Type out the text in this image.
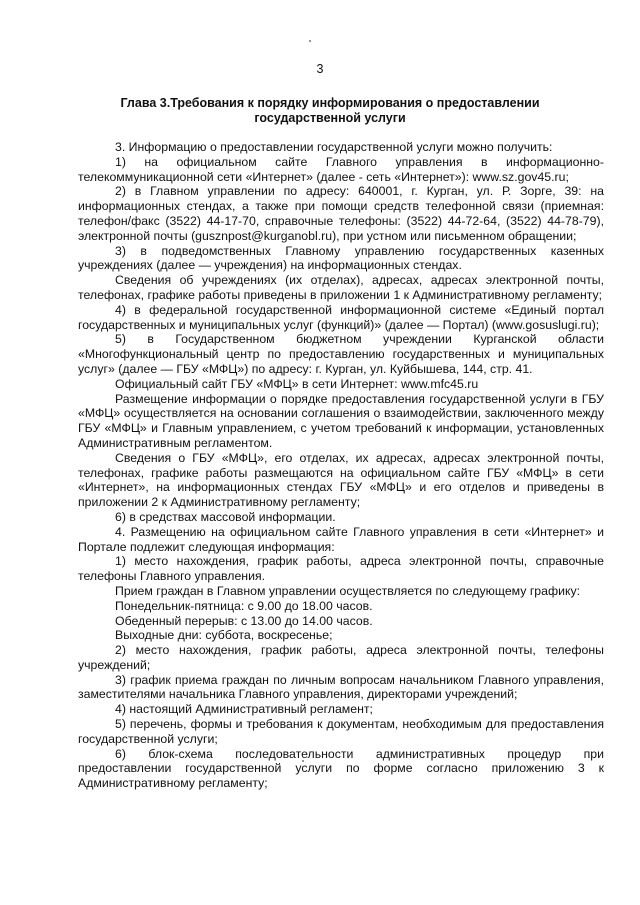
3
Глава 3.Требования к порядку информирования о предоставлении государственной услуги

3. Информацию о предоставлении государственной услуги можно получить:

1) на официальном сайте Главного управления в информационно-телекоммуникационной сети «Интернет» (далее - сеть «Интернет»): www.sz.gov45.ru;

2) в Главном управлении по адресу: 640001, г. Курган, ул. Р. Зорге, 39: на информационных стендах, а также при помощи средств телефонной связи (приемная: телефон/факс (3522) 44-17-70, справочные телефоны: (3522) 44-72-64, (3522) 44-78-79), электронной почты (gusznpost@kurganobl.ru), при устном или письменном обращении;

3) в подведомственных Главному управлению государственных казенных учреждениях (далее — учреждения) на информационных стендах.

Сведения об учреждениях (их отделах), адресах, адресах электронной почты, телефонах, графике работы приведены в приложении 1 к Административному регламенту;

4) в федеральной государственной информационной системе «Единый портал государственных и муниципальных услуг (функций)» (далее — Портал) (www.gosuslugi.ru);

5) в Государственном бюджетном учреждении Курганской области «Многофункциональный центр по предоставлению государственных и муниципальных услуг» (далее — ГБУ «МФЦ») по адресу: г. Курган, ул. Куйбышева, 144, стр. 41.

Официальный сайт ГБУ «МФЦ» в сети Интернет: www.mfc45.ru

Размещение информации о порядке предоставления государственной услуги в ГБУ «МФЦ» осуществляется на основании соглашения о взаимодействии, заключенного между ГБУ «МФЦ» и Главным управлением, с учетом требований к информации, установленных Административным регламентом.

Сведения о ГБУ «МФЦ», его отделах, их адресах, адресах электронной почты, телефонах, графике работы размещаются на официальном сайте ГБУ «МФЦ» в сети «Интернет», на информационных стендах ГБУ «МФЦ» и его отделов и приведены в приложении 2 к Административному регламенту;

6) в средствах массовой информации.

4. Размещению на официальном сайте Главного управления в сети «Интернет» и Портале подлежит следующая информация:

1) место нахождения, график работы, адреса электронной почты, справочные телефоны Главного управления.

Прием граждан в Главном управлении осуществляется по следующему графику:

Понедельник-пятница: с 9.00 до 18.00 часов.

Обеденный перерыв: с 13.00 до 14.00 часов.

Выходные дни: суббота, воскресенье;

2) место нахождения, график работы, адреса электронной почты, телефоны учреждений;

3) график приема граждан по личным вопросам начальником Главного управления, заместителями начальника Главного управления, директорами учреждений;

4) настоящий Административный регламент;

5) перечень, формы и требования к документам, необходимым для предоставления государственной услуги;

6) блок-схема последовательности административных процедур при предоставлении государственной услуги по форме согласно приложению 3 к Административному регламенту;
